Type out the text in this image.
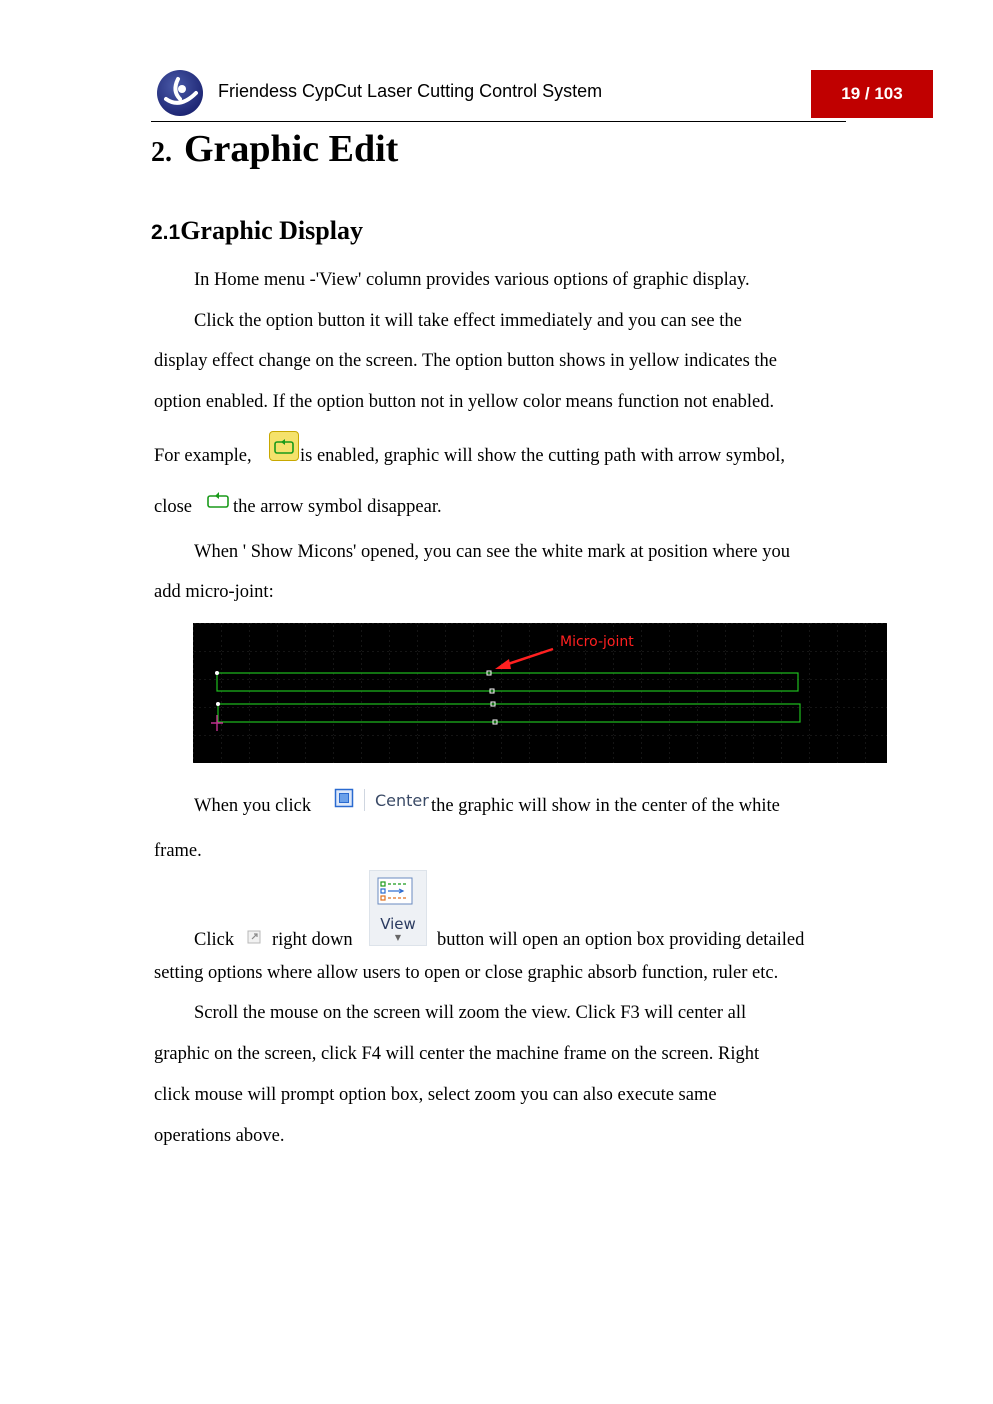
Friendess CypCut Laser Cutting Control System	19 / 103
2. Graphic Edit
2.1Graphic Display
In Home menu -'View' column provides various options of graphic display.
Click the option button it will take effect immediately and you can see the
display effect change on the screen. The option button shows in yellow indicates the
option enabled. If the option button not in yellow color means function not enabled.
For example,	is enabled, graphic will show the cutting path with arrow symbol,
close the arrow symbol disappear.
When ' Show Micons' opened, you can see the white mark at position where you
add micro-joint:
Micro-joint
When you click	Center the graphic will show in the center of the white
frame.
Click right down
View
▼	button will open an option box providing detailed
setting options where allow users to open or close graphic absorb function, ruler etc.
Scroll the mouse on the screen will zoom the view. Click F3 will center all
graphic on the screen, click F4 will center the machine frame on the screen. Right
click mouse will prompt option box, select zoom you can also execute same
operations above.
